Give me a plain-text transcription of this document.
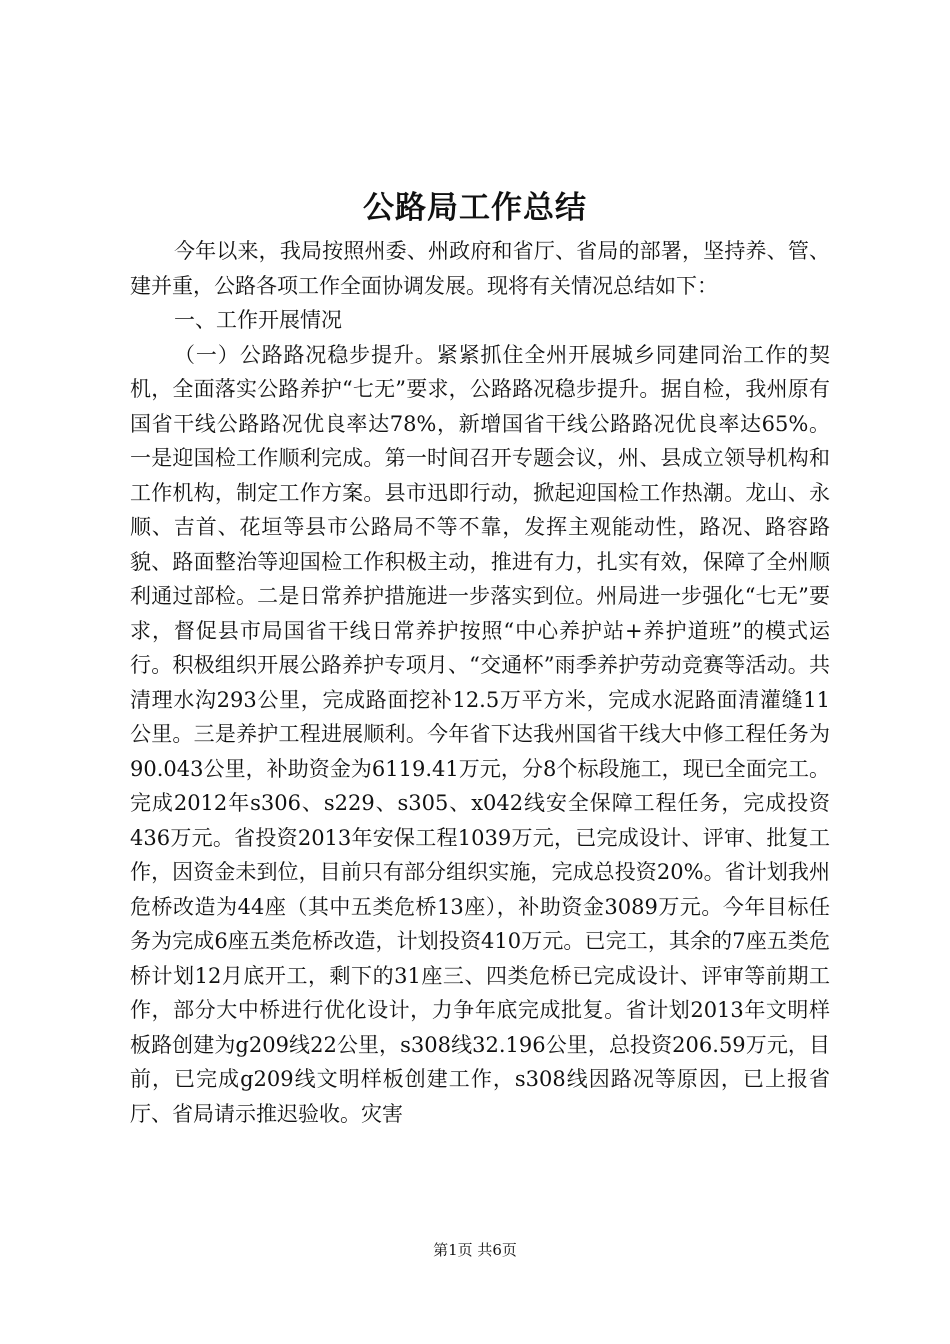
公路局工作总结

今年以来，我局按照州委、州政府和省厅、省局的部署，坚持养、管、建并重，公路各项工作全面协调发展。现将有关情况总结如下：

一、工作开展情况

（一）公路路况稳步提升。紧紧抓住全州开展城乡同建同治工作的契机，全面落实公路养护“七无”要求，公路路况稳步提升。据自检，我州原有国省干线公路路况优良率达78%，新增国省干线公路路况优良率达65%。一是迎国检工作顺利完成。第一时间召开专题会议，州、县成立领导机构和工作机构，制定工作方案。县市迅即行动，掀起迎国检工作热潮。龙山、永顺、吉首、花垣等县市公路局不等不靠，发挥主观能动性，路况、路容路貌、路面整治等迎国检工作积极主动，推进有力，扎实有效，保障了全州顺利通过部检。二是日常养护措施进一步落实到位。州局进一步强化“七无”要求，督促县市局国省干线日常养护按照“中心养护站+养护道班”的模式运行。积极组织开展公路养护专项月、“交通杯”雨季养护劳动竞赛等活动。共清理水沟293公里，完成路面挖补12.5万平方米，完成水泥路面清灌缝11公里。三是养护工程进展顺利。今年省下达我州国省干线大中修工程任务为90.043公里，补助资金为6119.41万元，分8个标段施工，现已全面完工。完成2012年s306、s229、s305、x042线安全保障工程任务，完成投资436万元。省投资2013年安保工程1039万元，已完成设计、评审、批复工作，因资金未到位，目前只有部分组织实施，完成总投资20%。省计划我州危桥改造为44座（其中五类危桥13座），补助资金3089万元。今年目标任务为完成6座五类危桥改造，计划投资410万元。已完工，其余的7座五类危桥计划12月底开工，剩下的31座三、四类危桥已完成设计、评审等前期工作，部分大中桥进行优化设计，力争年底完成批复。省计划2013年文明样板路创建为g209线22公里，s308线32.196公里，总投资206.59万元，目前，已完成g209线文明样板创建工作，s308线因路况等原因，已上报省厅、省局请示推迟验收。灾害

第1页 共6页
